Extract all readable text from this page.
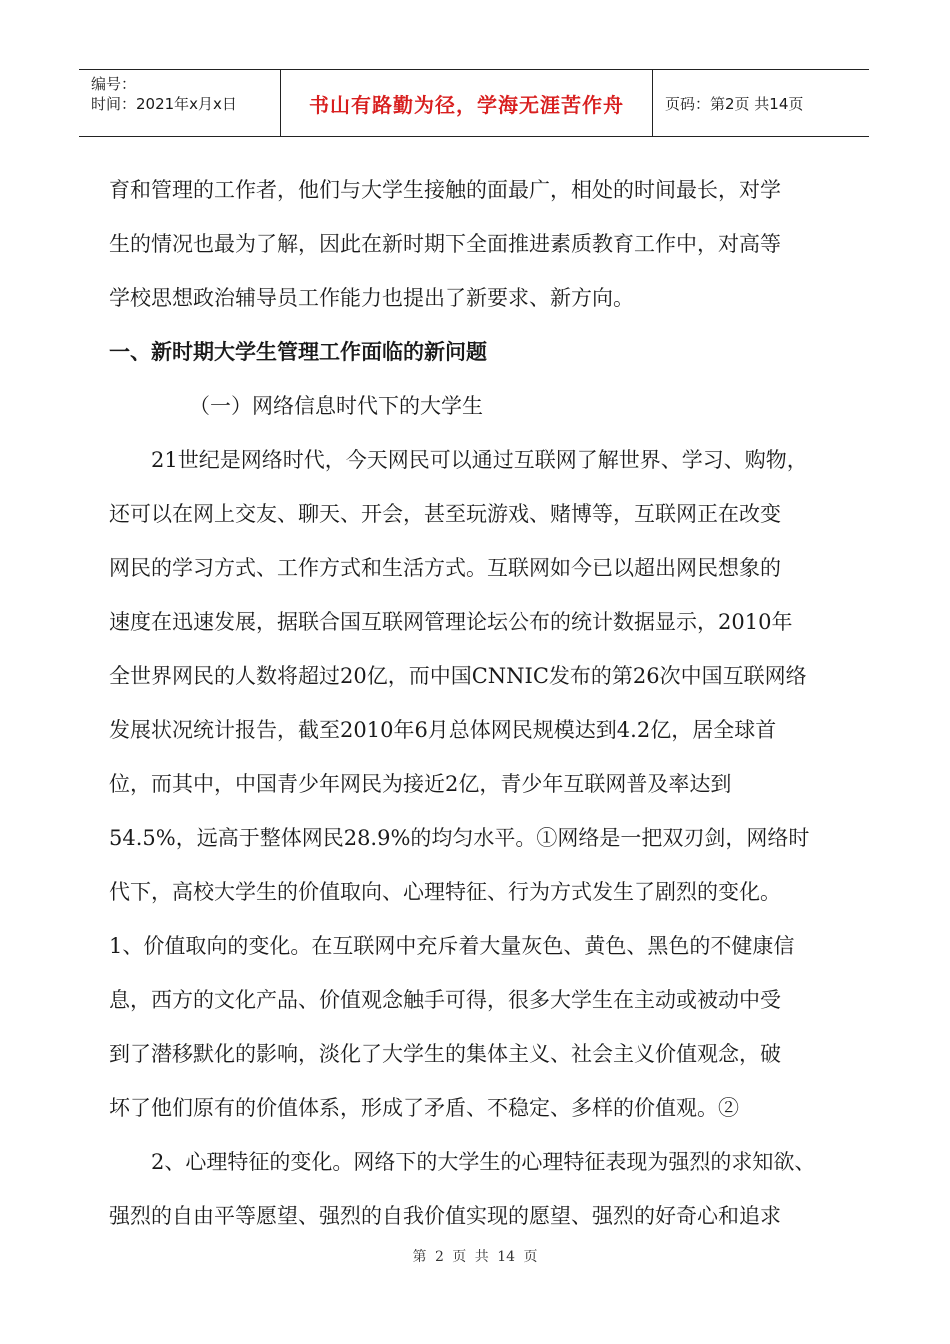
编号：
时间：2021年x月x日	书山有路勤为径，学海无涯苦作舟	页码：第2页 共14页

育和管理的工作者，他们与大学生接触的面最广，相处的时间最长，对学

生的情况也最为了解，因此在新时期下全面推进素质教育工作中，对高等

学校思想政治辅导员工作能力也提出了新要求、新方向。

一、新时期大学生管理工作面临的新问题

（一）网络信息时代下的大学生

21世纪是网络时代，今天网民可以通过互联网了解世界、学习、购物，

还可以在网上交友、聊天、开会，甚至玩游戏、赌博等，互联网正在改变

网民的学习方式、工作方式和生活方式。互联网如今已以超出网民想象的

速度在迅速发展，据联合国互联网管理论坛公布的统计数据显示，2010年

全世界网民的人数将超过20亿，而中国CNNIC发布的第26次中国互联网络

发展状况统计报告，截至2010年6月总体网民规模达到4.2亿，居全球首

位，而其中，中国青少年网民为接近2亿，青少年互联网普及率达到

54.5%，远高于整体网民28.9%的均匀水平。①网络是一把双刃剑，网络时

代下，高校大学生的价值取向、心理特征、行为方式发生了剧烈的变化。

1、价值取向的变化。在互联网中充斥着大量灰色、黄色、黑色的不健康信

息，西方的文化产品、价值观念触手可得，很多大学生在主动或被动中受

到了潜移默化的影响，淡化了大学生的集体主义、社会主义价值观念，破

坏了他们原有的价值体系，形成了矛盾、不稳定、多样的价值观。②

2、心理特征的变化。网络下的大学生的心理特征表现为强烈的求知欲、

强烈的自由平等愿望、强烈的自我价值实现的愿望、强烈的好奇心和追求

第 2 页 共 14 页
